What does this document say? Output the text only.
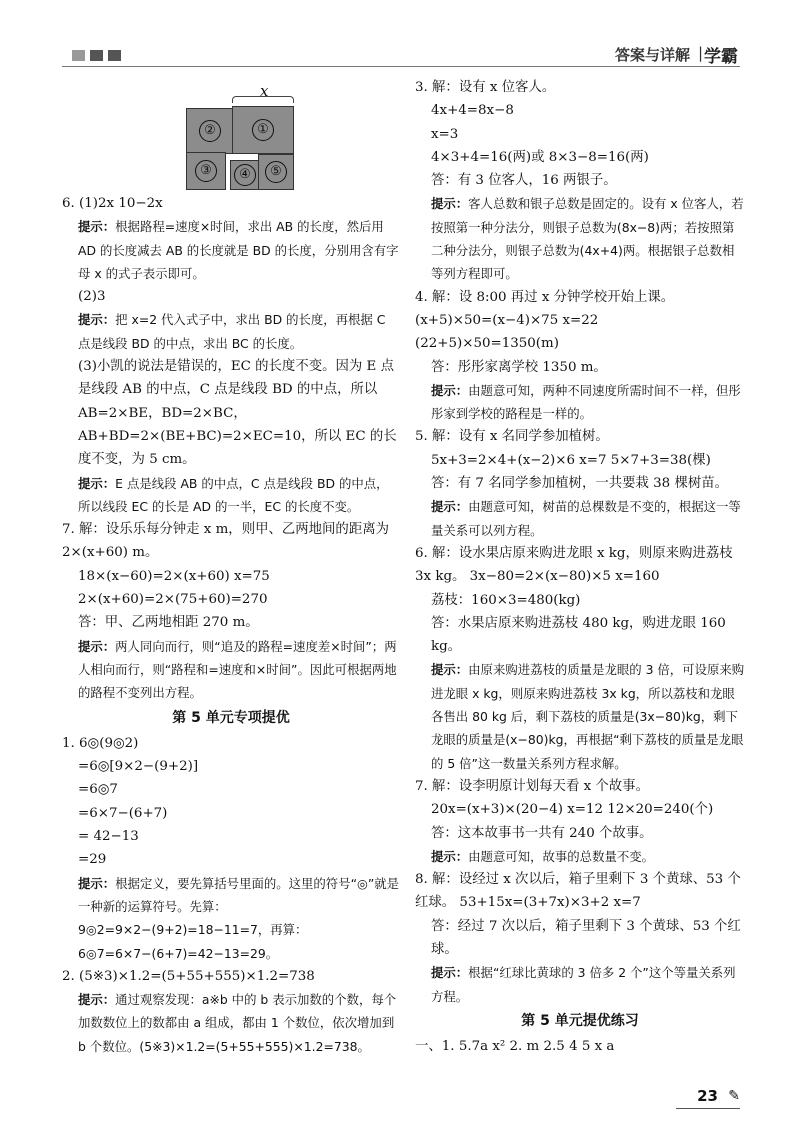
答案与详解 | 学霸
x
②	①
③	④	⑤

6. (1)2x 10−2x

提示：根据路程=速度×时间，求出 AB 的长度，然后用 AD 的长度减去 AB 的长度就是 BD 的长度，分别用含有字母 x 的式子表示即可。

(2)3

提示：把 x=2 代入式子中，求出 BD 的长度，再根据 C 点是线段 BD 的中点，求出 BC 的长度。

(3)小凯的说法是错误的，EC 的长度不变。因为 E 点是线段 AB 的中点，C 点是线段 BD 的中点，所以 AB=2×BE，BD=2×BC，AB+BD=2×(BE+BC)=2×EC=10，所以 EC 的长度不变，为 5 cm。

提示：E 点是线段 AB 的中点，C 点是线段 BD 的中点，所以线段 EC 的长是 AD 的一半，EC 的长度不变。

7. 解：设乐乐每分钟走 x m，则甲、乙两地间的距离为 2×(x+60) m。

18×(x−60)=2×(x+60) x=75

2×(x+60)=2×(75+60)=270

答：甲、乙两地相距 270 m。

提示：两人同向而行，则“追及的路程=速度差×时间”；两人相向而行，则“路程和=速度和×时间”。因此可根据两地的路程不变列出方程。

第 5 单元专项提优

1. 6◎(9◎2)

=6◎[9×2−(9+2)]

=6◎7

=6×7−(6+7)

= 42−13

=29

提示：根据定义，要先算括号里面的。这里的符号“◎”就是一种新的运算符号。先算：9◎2=9×2−(9+2)=18−11=7，再算：6◎7=6×7−(6+7)=42−13=29。

2. (5※3)×1.2=(5+55+555)×1.2=738

提示：通过观察发现：a※b 中的 b 表示加数的个数，每个加数数位上的数都由 a 组成，都由 1 个数位，依次增加到 b 个数位。(5※3)×1.2=(5+55+555)×1.2=738。

3. 解：设有 x 位客人。

4x+4=8x−8

x=3

4×3+4=16(两)或 8×3−8=16(两)

答：有 3 位客人，16 两银子。

提示：客人总数和银子总数是固定的。设有 x 位客人，若按照第一种分法分，则银子总数为(8x−8)两；若按照第二种分法分，则银子总数为(4x+4)两。根据银子总数相等列方程即可。

4. 解：设 8:00 再过 x 分钟学校开始上课。 (x+5)×50=(x−4)×75 x=22 (22+5)×50=1350(m)

答：彤彤家离学校 1350 m。

提示：由题意可知，两种不同速度所需时间不一样，但彤彤家到学校的路程是一样的。

5. 解：设有 x 名同学参加植树。

5x+3=2×4+(x−2)×6 x=7 5×7+3=38(棵)

答：有 7 名同学参加植树，一共要栽 38 棵树苗。

提示：由题意可知，树苗的总棵数是不变的，根据这一等量关系可以列方程。

6. 解：设水果店原来购进龙眼 x kg，则原来购进荔枝 3x kg。 3x−80=2×(x−80)×5 x=160

荔枝：160×3=480(kg)

答：水果店原来购进荔枝 480 kg，购进龙眼 160 kg。

提示：由原来购进荔枝的质量是龙眼的 3 倍，可设原来购进龙眼 x kg，则原来购进荔枝 3x kg，所以荔枝和龙眼各售出 80 kg 后，剩下荔枝的质量是(3x−80)kg，剩下龙眼的质量是(x−80)kg，再根据“剩下荔枝的质量是龙眼的 5 倍”这一数量关系列方程求解。

7. 解：设李明原计划每天看 x 个故事。

20x=(x+3)×(20−4) x=12 12×20=240(个)

答：这本故事书一共有 240 个故事。

提示：由题意可知，故事的总数量不变。

8. 解：设经过 x 次以后，箱子里剩下 3 个黄球、53 个红球。 53+15x=(3+7x)×3+2 x=7

答：经过 7 次以后，箱子里剩下 3 个黄球、53 个红球。

提示：根据“红球比黄球的 3 倍多 2 个”这个等量关系列方程。

第 5 单元提优练习

一、1. 5.7a x² 2. m 2.5 4 5 x a

23 ✎
